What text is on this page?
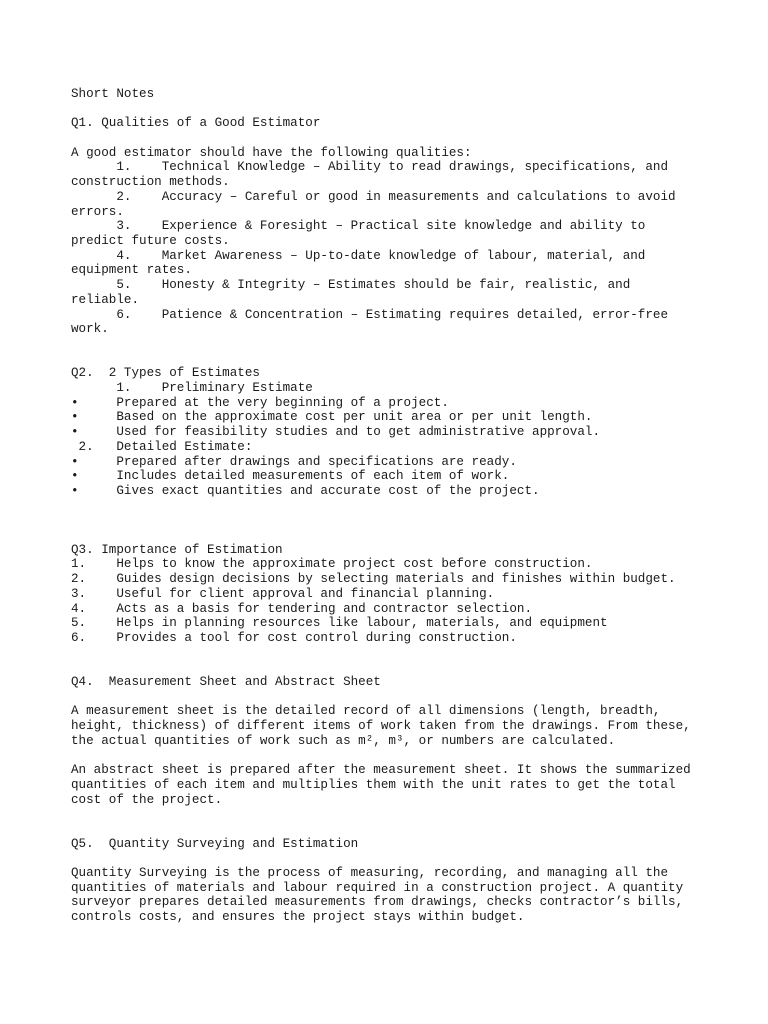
Short Notes
Q1. Qualities of a Good Estimator
A good estimator should have the following qualities:
1.    Technical Knowledge – Ability to read drawings, specifications, and
construction methods.
2.    Accuracy – Careful or good in measurements and calculations to avoid
errors.
3.    Experience & Foresight – Practical site knowledge and ability to
predict future costs.
4.    Market Awareness – Up-to-date knowledge of labour, material, and
equipment rates.
5.    Honesty & Integrity – Estimates should be fair, realistic, and
reliable.
6.    Patience & Concentration – Estimating requires detailed, error-free
work.
Q2.  2 Types of Estimates
1.    Preliminary Estimate
•     Prepared at the very beginning of a project.
•     Based on the approximate cost per unit area or per unit length.
•     Used for feasibility studies and to get administrative approval.
2.   Detailed Estimate:
•     Prepared after drawings and specifications are ready.
•     Includes detailed measurements of each item of work.
•     Gives exact quantities and accurate cost of the project.
Q3. Importance of Estimation
1.    Helps to know the approximate project cost before construction.
2.    Guides design decisions by selecting materials and finishes within budget.
3.    Useful for client approval and financial planning.
4.    Acts as a basis for tendering and contractor selection.
5.    Helps in planning resources like labour, materials, and equipment
6.    Provides a tool for cost control during construction.
Q4.  Measurement Sheet and Abstract Sheet
A measurement sheet is the detailed record of all dimensions (length, breadth,
height, thickness) of different items of work taken from the drawings. From these,
the actual quantities of work such as m², m³, or numbers are calculated.
An abstract sheet is prepared after the measurement sheet. It shows the summarized
quantities of each item and multiplies them with the unit rates to get the total
cost of the project.
Q5.  Quantity Surveying and Estimation
Quantity Surveying is the process of measuring, recording, and managing all the
quantities of materials and labour required in a construction project. A quantity
surveyor prepares detailed measurements from drawings, checks contractor’s bills,
controls costs, and ensures the project stays within budget.
